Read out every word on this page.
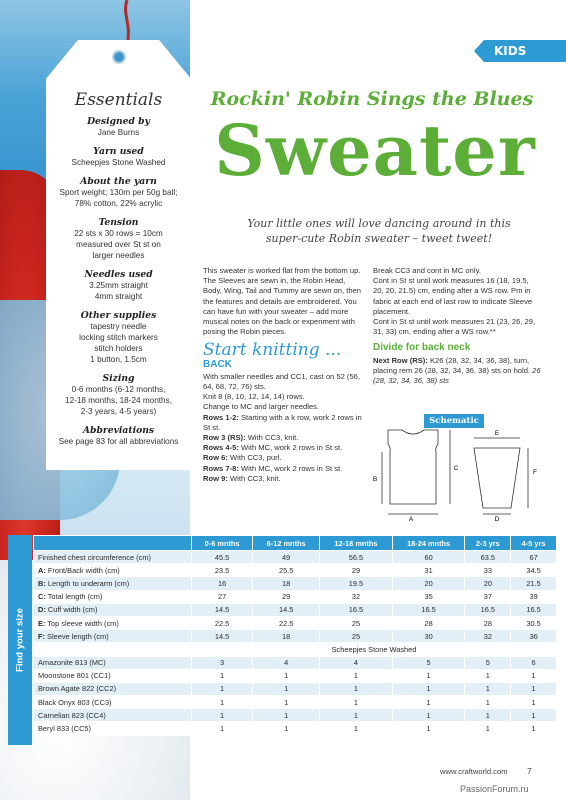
Essentials
Designed by
Jane Burns
Yarn used
Scheepjes Stone Washed
About the yarn
Sport weight; 130m per 50g ball;
78% cotton, 22% acrylic
Tension
22 sts x 30 rows = 10cm
measured over St st on
larger needles
Needles used
3.25mm straight
4mm straight
Other supplies
tapestry needle
locking stitch markers
stitch holders
1 button, 1.5cm
Sizing
0-6 months (6-12 months,
12-18 months, 18-24 months,
2-3 years, 4-5 years)
Abbreviations
See page 83 for all abbreviations
KIDS
Rockin' Robin Sings the Blues
Sweater
Your little ones will love dancing around in this
super-cute Robin sweater – tweet tweet!

This sweater is worked flat from the bottom up. The Sleeves are sewn in, the Robin Head, Body, Wing, Tail and Tummy are sewn on, then the features and details are embroidered. You can have fun with your sweater – add more musical notes on the back or experiment with posing the Robin pieces.

Start knitting ...
BACK

With smaller needles and CC1, cast on 52 (56, 64, 68, 72, 76) sts.

Knit 8 (8, 10, 12, 14, 14) rows.

Change to MC and larger needles.

Rows 1-2: Starting with a k row, work 2 rows in St st.

Row 3 (RS): With CC3, knit.

Rows 4-5: With MC, work 2 rows in St st.

Row 6: With CC3, purl.

Rows 7-8: With MC, work 2 rows in St st.

Row 9: With CC3, knit.

Break CC3 and cont in MC only.

Cont in St st until work measures 16 (18, 19.5, 20, 20, 21.5) cm, ending after a WS row. Pm in fabric at each end of last row to indicate Sleeve placement.

Cont in St st until work measures 21 (23, 26, 29, 31, 33) cm, ending after a WS row.**

Divide for back neck

Next Row (RS): K26 (28, 32, 34, 36, 38), turn, placing rem 26 (28, 32, 34, 36, 38) sts on hold. 26 (28, 32, 34, 36, 38) sts

Schematic
A
B
C
D
E
F
Find your size
	0-6 mnths	6-12 mnths	12-18 mnths	18-24 mnths	2-3 yrs	4-5 yrs
Finished chest circumference (cm)	45.5	49	56.5	60	63.5	67
A: Front/Back width (cm)	23.5	25.5	29	31	33	34.5
B: Length to underarm (cm)	16	18	19.5	20	20	21.5
C: Total length (cm)	27	29	32	35	37	39
D: Cuff width (cm)	14.5	14.5	16.5	16.5	16.5	16.5
E: Top sleeve width (cm)	22.5	22.5	25	28	28	30.5
F: Sleeve length (cm)	14.5	18	25	30	32	36
	Scheepjes Stone Washed					
Amazonite 813 (MC)	3	4	4	5	5	6
Moonstone 801 (CC1)	1	1	1	1	1	1
Brown Agate 822 (CC2)	1	1	1	1	1	1
Black Onyx 803 (CC3)	1	1	1	1	1	1
Carnelian 823 (CC4)	1	1	1	1	1	1
Beryl 833 (CC5)	1	1	1	1	1	1
www.craftworld.com 7
PassionForum.ru
